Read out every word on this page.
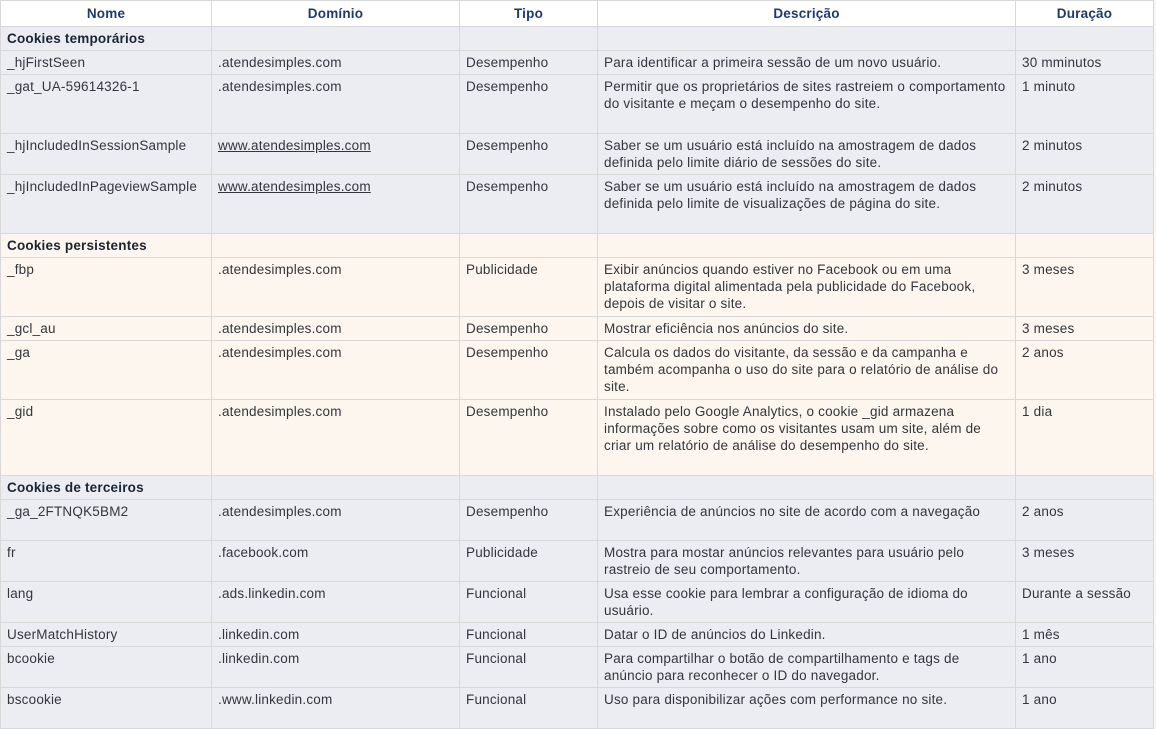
Nome	Domínio	Tipo	Descrição	Duração
Cookies temporários				
_hjFirstSeen	.atendesimples.com	Desempenho	Para identificar a primeira sessão de um novo usuário.	30 mminutos
_gat_UA-59614326-1	.atendesimples.com	Desempenho	Permitir que os proprietários de sites rastreiem o comportamento do visitante e meçam o desempenho do site.	1 minuto
_hjIncludedInSessionSample	www.atendesimples.com	Desempenho	Saber se um usuário está incluído na amostragem de dados definida pelo limite diário de sessões do site.	2 minutos
_hjIncludedInPageviewSample	www.atendesimples.com	Desempenho	Saber se um usuário está incluído na amostragem de dados definida pelo limite de visualizações de página do site.	2 minutos
Cookies persistentes				
_fbp	.atendesimples.com	Publicidade	Exibir anúncios quando estiver no Facebook ou em uma plataforma digital alimentada pela publicidade do Facebook, depois de visitar o site.	3 meses
_gcl_au	.atendesimples.com	Desempenho	Mostrar eficiência nos anúncios do site.	3 meses
_ga	.atendesimples.com	Desempenho	Calcula os dados do visitante, da sessão e da campanha e também acompanha o uso do site para o relatório de análise do site.	2 anos
_gid	.atendesimples.com	Desempenho	Instalado pelo Google Analytics, o cookie _gid armazena informações sobre como os visitantes usam um site, além de criar um relatório de análise do desempenho do site.	1 dia
Cookies de terceiros				
_ga_2FTNQK5BM2	.atendesimples.com	Desempenho	Experiência de anúncios no site de acordo com a navegação	2 anos
fr	.facebook.com	Publicidade	Mostra para mostar anúncios relevantes para usuário pelo rastreio de seu comportamento.	3 meses
lang	.ads.linkedin.com	Funcional	Usa esse cookie para lembrar a configuração de idioma do usuário.	Durante a sessão
UserMatchHistory	.linkedin.com	Funcional	Datar o ID de anúncios do Linkedin.	1 mês
bcookie	.linkedin.com	Funcional	Para compartilhar o botão de compartilhamento e tags de anúncio para reconhecer o ID do navegador.	1 ano
bscookie	.www.linkedin.com	Funcional	Uso para disponibilizar ações com performance no site.	1 ano
